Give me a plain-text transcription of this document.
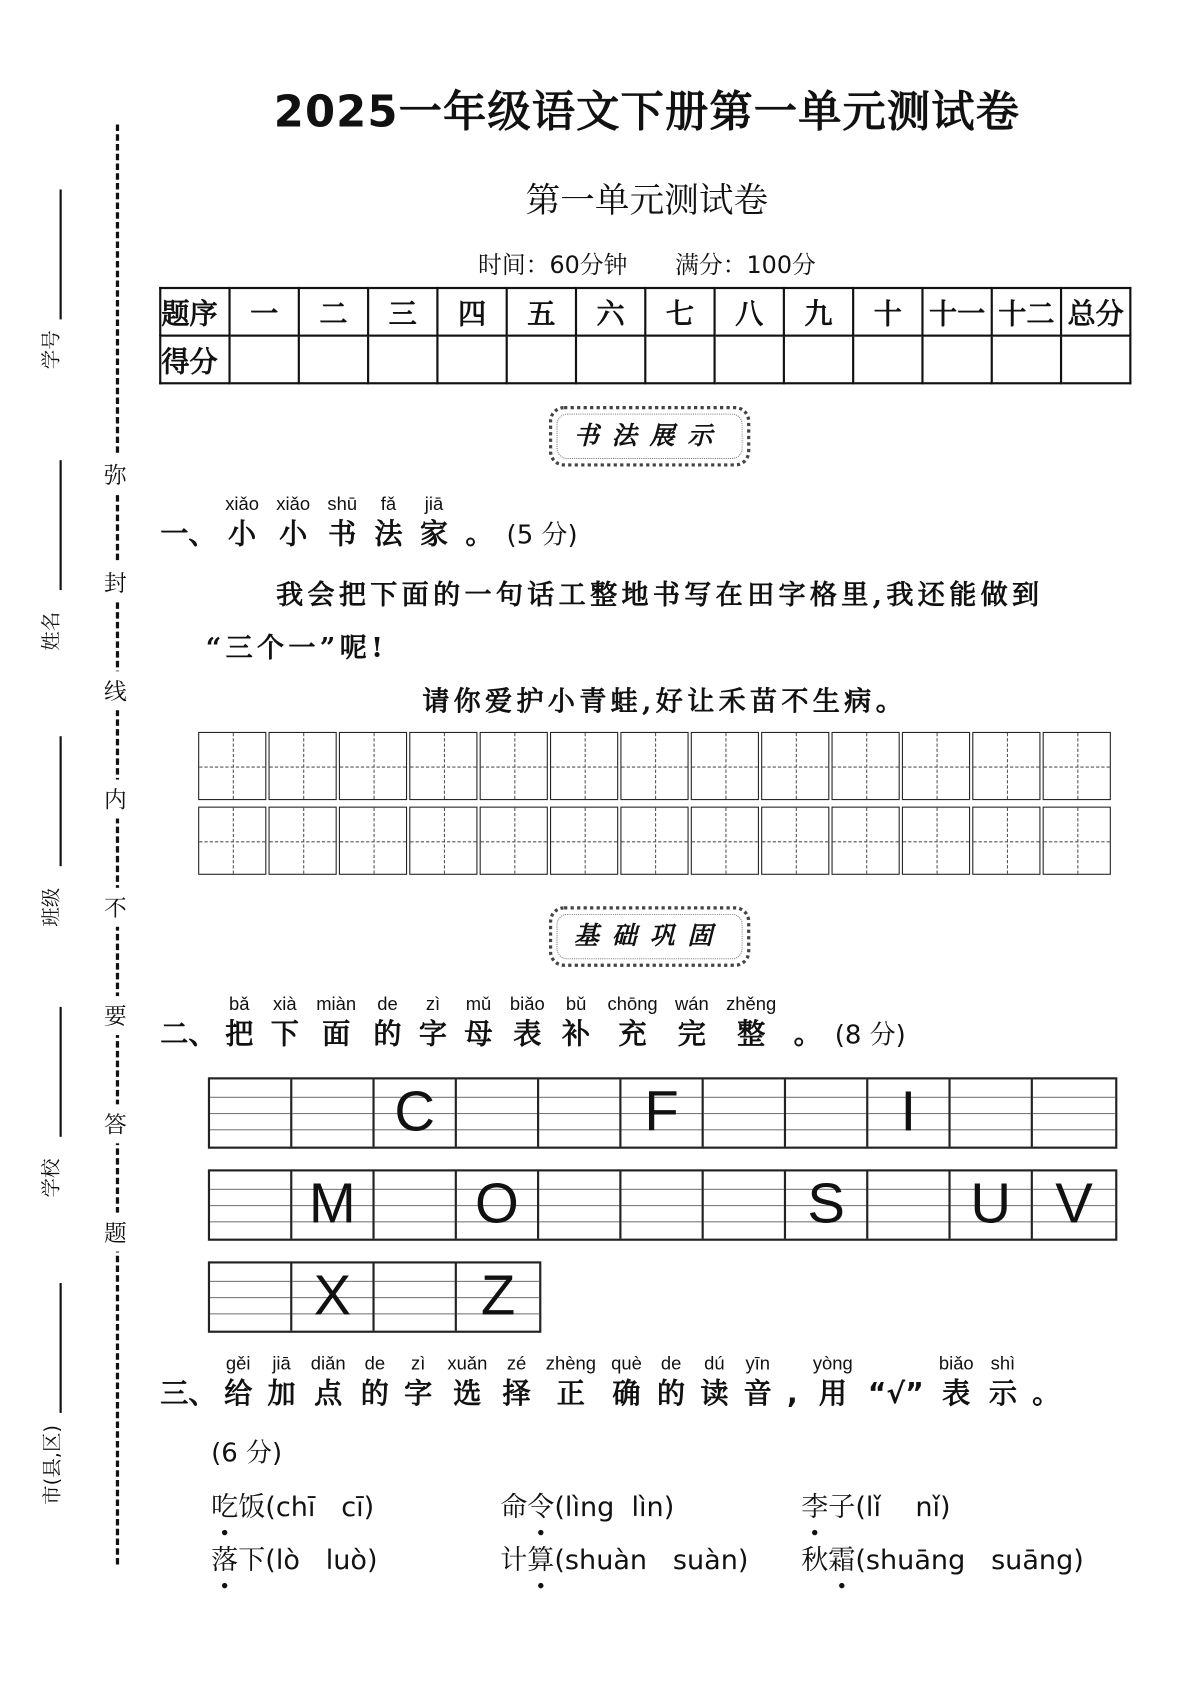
弥
封
线
内
不
要
答
题
学号
姓名
班级
学校
市(县,区)
2025一年级语文下册第一单元测试卷
第一单元测试卷
时间：60分钟 满分：100分
题序	一	二	三	四	五	六	七	八	九	十	十一	十二	总分
得分													
书法展示
一、
xiǎo
小
xiǎo
小
shū
书
fǎ
法
jiā
家 。 (5 分)
我会把下面的一句话工整地书写在田字格里,我还能做到
“三个一”呢!
请你爱护小青蛙,好让禾苗不生病。
基础巩固
二、
bǎ
把
xià
下
miàn
面
de
的
zì
字
mǔ
母
biǎo
表
bǔ
补
chōng
充
wán
完
zhěng
整 。 (8 分)
C	F	I
M	O	S	U V
X	Z
三、
gěi
给
jiā
加
diǎn
点
de
的
zì
字
xuǎn
选
zé
择
zhèng
正
què
确
de
的
dú
读
yīn
音 ,
yòng
用 “√”
biǎo
表
shì
示 。
(6 分)
吃饭(chī   cī)	命令(lìng  lìn)	李子(lǐ    nǐ)
落下(lò   luò)	计算(shuàn   suàn) 秋霜(shuāng   suāng)
